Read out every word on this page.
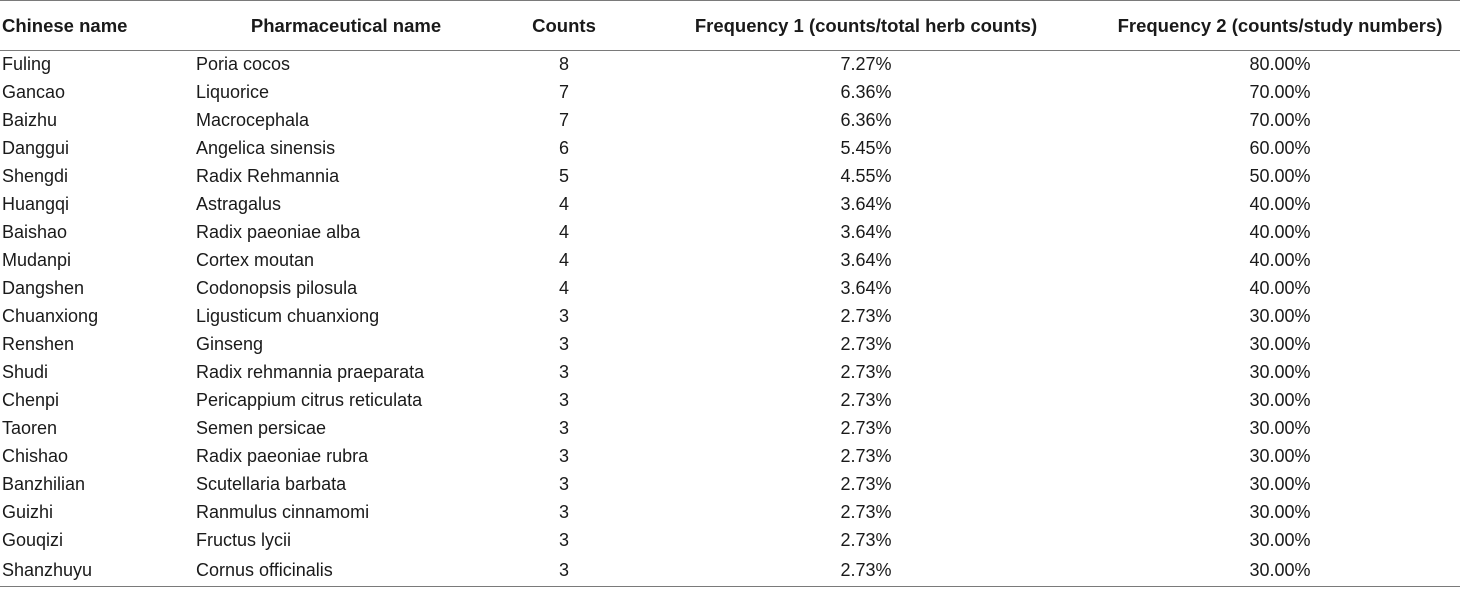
Chinese name	Pharmaceutical name	Counts	Frequency 1 (counts/total herb counts)	Frequency 2 (counts/study numbers)
Fuling	Poria cocos	8	7.27%	80.00%
Gancao	Liquorice	7	6.36%	70.00%
Baizhu	Macrocephala	7	6.36%	70.00%
Danggui	Angelica sinensis	6	5.45%	60.00%
Shengdi	Radix Rehmannia	5	4.55%	50.00%
Huangqi	Astragalus	4	3.64%	40.00%
Baishao	Radix paeoniae alba	4	3.64%	40.00%
Mudanpi	Cortex moutan	4	3.64%	40.00%
Dangshen	Codonopsis pilosula	4	3.64%	40.00%
Chuanxiong	Ligusticum chuanxiong	3	2.73%	30.00%
Renshen	Ginseng	3	2.73%	30.00%
Shudi	Radix rehmannia praeparata	3	2.73%	30.00%
Chenpi	Pericappium citrus reticulata	3	2.73%	30.00%
Taoren	Semen persicae	3	2.73%	30.00%
Chishao	Radix paeoniae rubra	3	2.73%	30.00%
Banzhilian	Scutellaria barbata	3	2.73%	30.00%
Guizhi	Ranmulus cinnamomi	3	2.73%	30.00%
Gouqizi	Fructus lycii	3	2.73%	30.00%
Shanzhuyu	Cornus officinalis	3	2.73%	30.00%
